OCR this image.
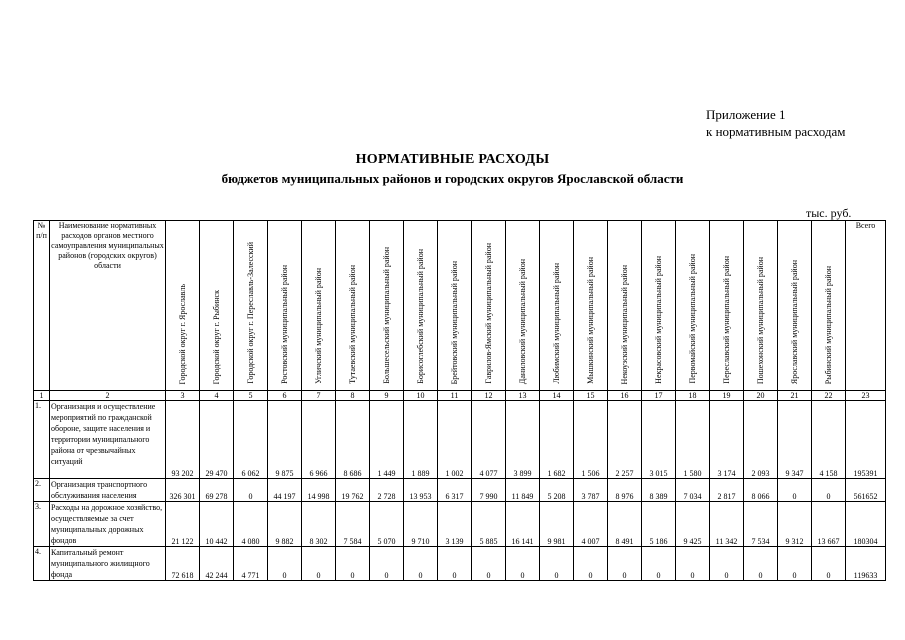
Приложение 1
к нормативным расходам
НОРМАТИВНЫЕ РАСХОДЫ
бюджетов муниципальных районов и городских округов Ярославской области
тыс. руб.
№ п/п	Наименование нормативных расходов органов местного самоуправления муниципальных районов (городских округов) области	Городской округ г. Ярославль	Городской округ г. Рыбинск	Городской округ г. Переславль-Залесский	Ростовский муниципальный район	Угличский муниципальный район	Тутаевский муниципальный район	Большесельский муниципальный район	Борисоглебский муниципальный район	Брейтовский муниципальный район	Гаврилов-Ямский муниципальный район	Даниловский муниципальный район	Любимский муниципальный район	Мышкинский муниципальный район	Некоузский муниципальный район	Некрасовский муниципальный район	Первомайский муниципальный район	Переславский муниципальный район	Пошехонский муниципальный район	Ярославский муниципальный район	Рыбинский муниципальный район	Всего
1	2	3	4	5	6	7	8	9	10	11	12	13	14	15	16	17	18	19	20	21	22	23
1.	Организация и осуществление мероприятий по гражданской обороне, защите населения и территории муниципального района от чрезвычайных ситуаций	93 202	29 470	6 062	9 875	6 966	8 686	1 449	1 889	1 002	4 077	3 899	1 682	1 506	2 257	3 015	1 580	3 174	2 093	9 347	4 158	195391
2.	Организация транспортного обслуживания населения	326 301	69 278	0	44 197	14 998	19 762	2 728	13 953	6 317	7 990	11 849	5 208	3 787	8 976	8 389	7 034	2 817	8 066	0	0	561652
3.	Расходы на дорожное хозяйство, осуществляемые за счет муниципальных дорожных фондов	21 122	10 442	4 080	9 882	8 302	7 584	5 070	9 710	3 139	5 885	16 141	9 981	4 007	8 491	5 186	9 425	11 342	7 534	9 312	13 667	180304
4.	Капитальный ремонт муниципального жилищного фонда	72 618	42 244	4 771	0	0	0	0	0	0	0	0	0	0	0	0	0	0	0	0	0	119633
